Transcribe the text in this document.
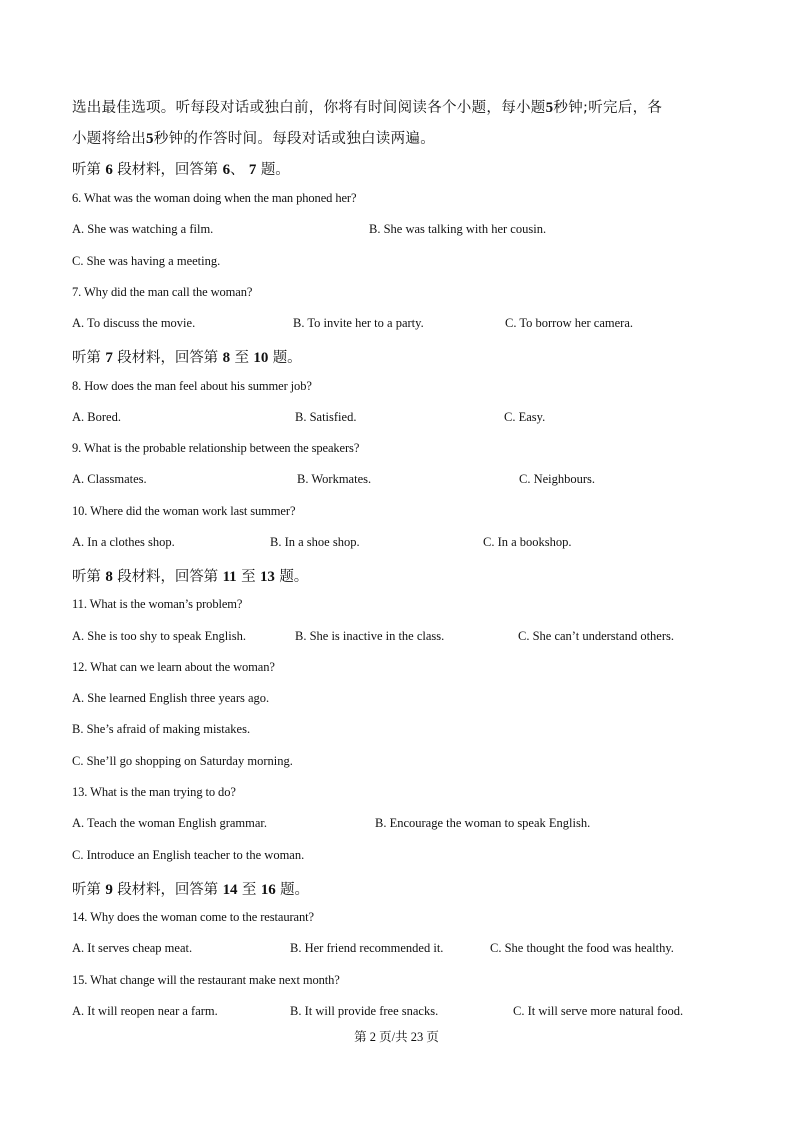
选出最佳选项。听每段对话或独白前，你将有时间阅读各个小题，每小题5秒钟;听完后，各
小题将给出5秒钟的作答时间。每段对话或独白读两遍。
听第 6 段材料，回答第 6、 7 题。
6. What was the woman doing when the man phoned her?
A. She was watching a film.	B. She was talking with her cousin.
C. She was having a meeting.
7. Why did the man call the woman?
A. To discuss the movie.	B. To invite her to a party.	C. To borrow her camera.
听第 7 段材料，回答第 8 至 10 题。
8. How does the man feel about his summer job?
A. Bored.	B. Satisfied.	C. Easy.
9. What is the probable relationship between the speakers?
A. Classmates.	B. Workmates.	C. Neighbours.
10. Where did the woman work last summer?
A. In a clothes shop.	B. In a shoe shop.	C. In a bookshop.
听第 8 段材料，回答第 11 至 13 题。
11. What is the woman’s problem?
A. She is too shy to speak English.	B. She is inactive in the class.	C. She can’t understand others.
12. What can we learn about the woman?
A. She learned English three years ago.
B. She’s afraid of making mistakes.
C. She’ll go shopping on Saturday morning.
13. What is the man trying to do?
A. Teach the woman English grammar.	B. Encourage the woman to speak English.
C. Introduce an English teacher to the woman.
听第 9 段材料，回答第 14 至 16 题。
14. Why does the woman come to the restaurant?
A. It serves cheap meat.	B. Her friend recommended it.	C. She thought the food was healthy.
15. What change will the restaurant make next month?
A. It will reopen near a farm.	B. It will provide free snacks.	C. It will serve more natural food.
第 2 页/共 23 页
